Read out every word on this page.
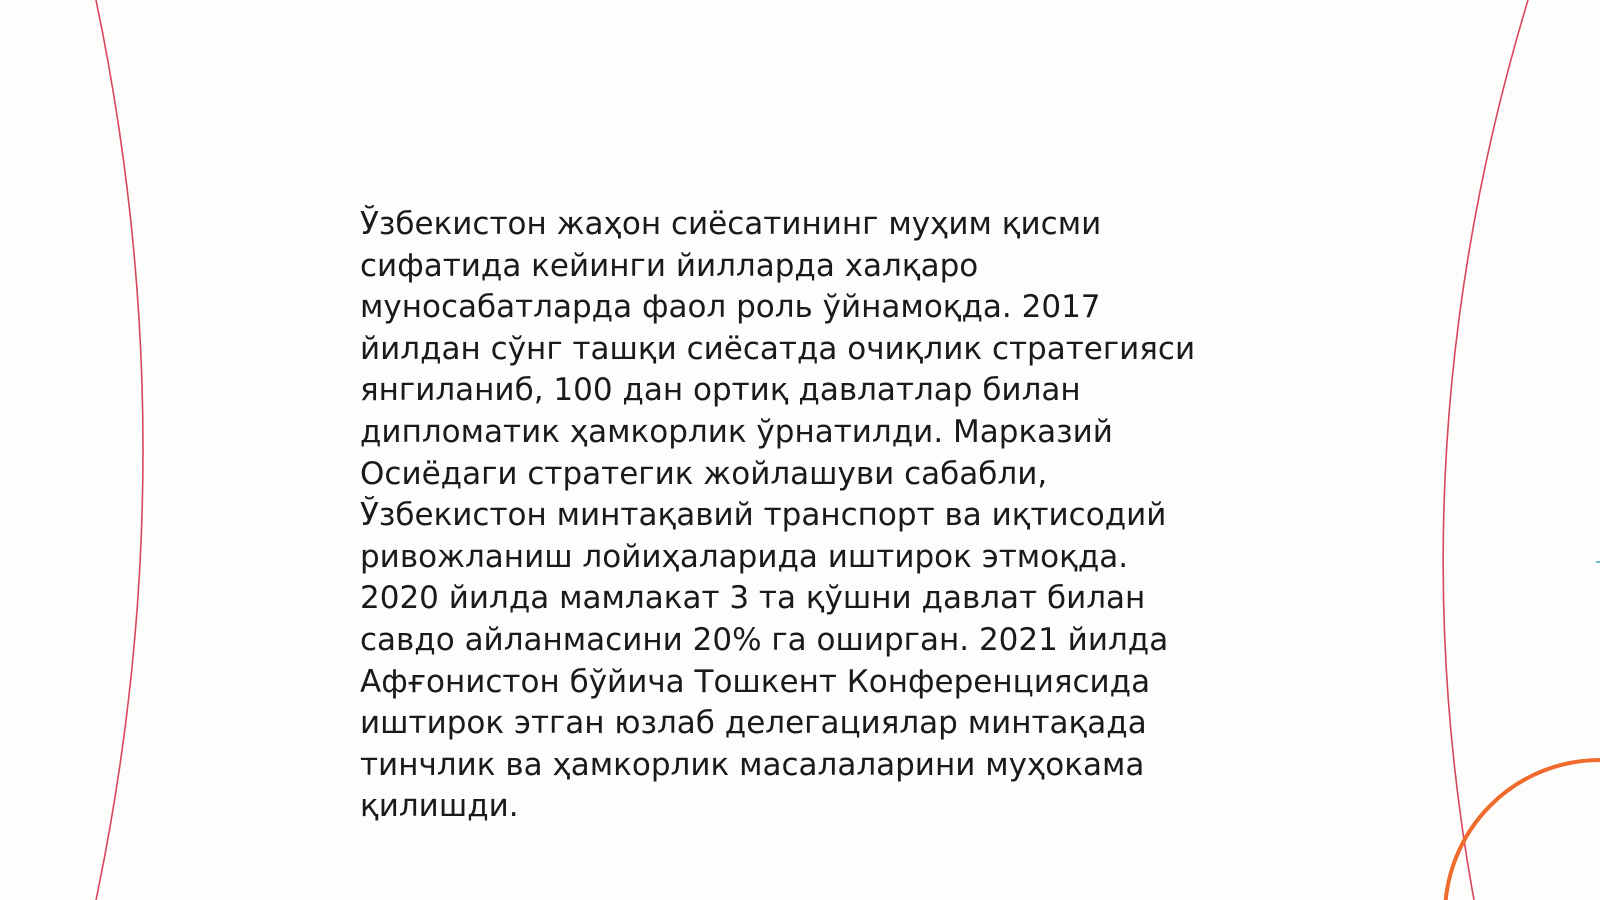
Ўзбекистон жаҳон сиёсатининг муҳим қисми
сифатида кейинги йилларда халқаро
муносабатларда фаол роль ўйнамоқда. 2017
йилдан сўнг ташқи сиёсатда очиқлик стратегияси
янгиланиб, 100 дан ортиқ давлатлар билан
дипломатик ҳамкорлик ўрнатилди. Марказий
Осиёдаги стратегик жойлашуви сабабли,
Ўзбекистон минтақавий транспорт ва иқтисодий
ривожланиш лойиҳаларида иштирок этмоқда.
2020 йилда мамлакат 3 та қўшни давлат билан
савдо айланмасини 20% га оширган. 2021 йилда
Афғонистон бўйича Тошкент Конференциясида
иштирок этган юзлаб делегациялар минтақада
тинчлик ва ҳамкорлик масалаларини муҳокама
қилишди.
